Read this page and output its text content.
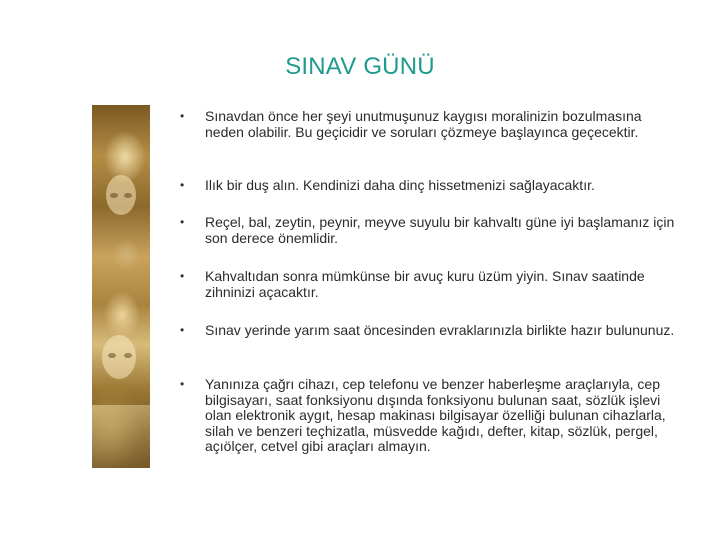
SINAV GÜNÜ
• Sınavdan önce her şeyi unutmuşunuz kaygısı moralinizin bozulmasına neden olabilir. Bu geçicidir ve soruları çözmeye başlayınca geçecektir.
• Ilık bir duş alın. Kendinizi daha dinç hissetmenizi sağlayacaktır.
• Reçel, bal, zeytin, peynir, meyve suyulu bir kahvaltı güne iyi başlamanız için son derece önemlidir.
• Kahvaltıdan sonra mümkünse bir avuç kuru üzüm yiyin. Sınav saatinde zihninizi açacaktır.
• Sınav yerinde yarım saat öncesinden evraklarınızla birlikte hazır bulununuz.
• Yanınıza çağrı cihazı, cep telefonu ve benzer haberleşme araçlarıyla, cep bilgisayarı, saat fonksiyonu dışında fonksiyonu bulunan saat, sözlük işlevi olan elektronik aygıt, hesap makinası bilgisayar özelliği bulunan cihazlarla, silah ve benzeri teçhizatla, müsvedde kağıdı, defter, kitap, sözlük, pergel, açıölçer, cetvel gibi araçları almayın.
